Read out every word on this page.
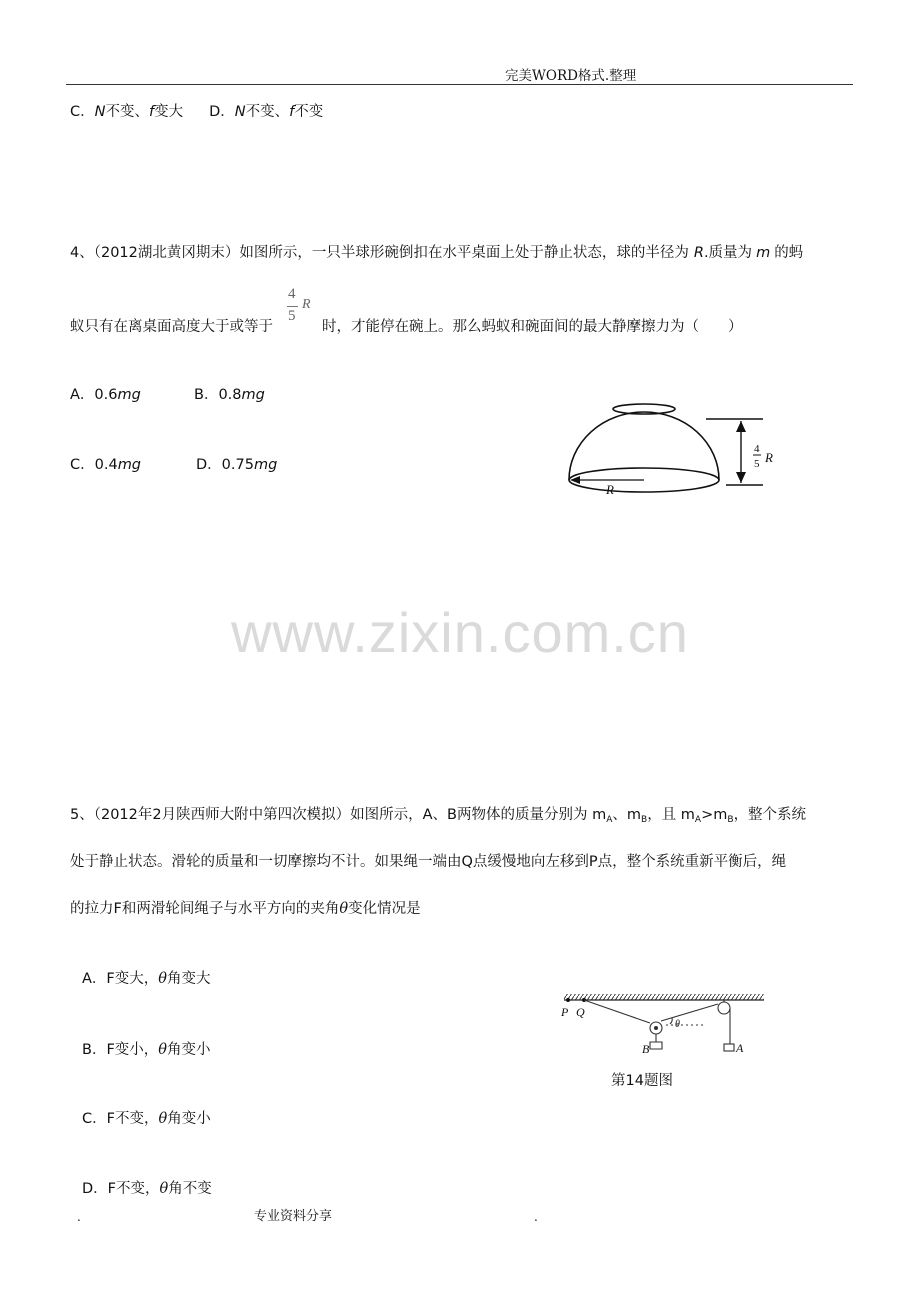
完美WORD格式.整理
C．N不变、f变大 D．N不变、f不变
4、（2012湖北黄冈期末）如图所示，一只半球形碗倒扣在水平桌面上处于静止状态，球的半径为 R.质量为 m 的蚂
蚁只有在离桌面高度大于或等于
4
5
R
时，才能停在碗上。那么蚂蚁和碗面间的最大静摩擦力为（　　）
A．0.6mg	B．0.8mg
C．0.4mg	D．0.75mg
4
5 R
R
www.zixin.com.cn
5、（2012年2月陕西师大附中第四次模拟）如图所示，A、B两物体的质量分别为 $m_A$、$m_B$，且 $m_A>m_B$，整个系统
处于静止状态。滑轮的质量和一切摩擦均不计。如果绳一端由Q点缓慢地向左移到P点，整个系统重新平衡后，绳
的拉力F和两滑轮间绳子与水平方向的夹角θ变化情况是
A．F变大，θ角变大
B．F变小，θ角变小
C．F不变，θ角变小
D．F不变，θ角不变
P Q
θ
B	A
第14题图
.	专业资料分享	.
